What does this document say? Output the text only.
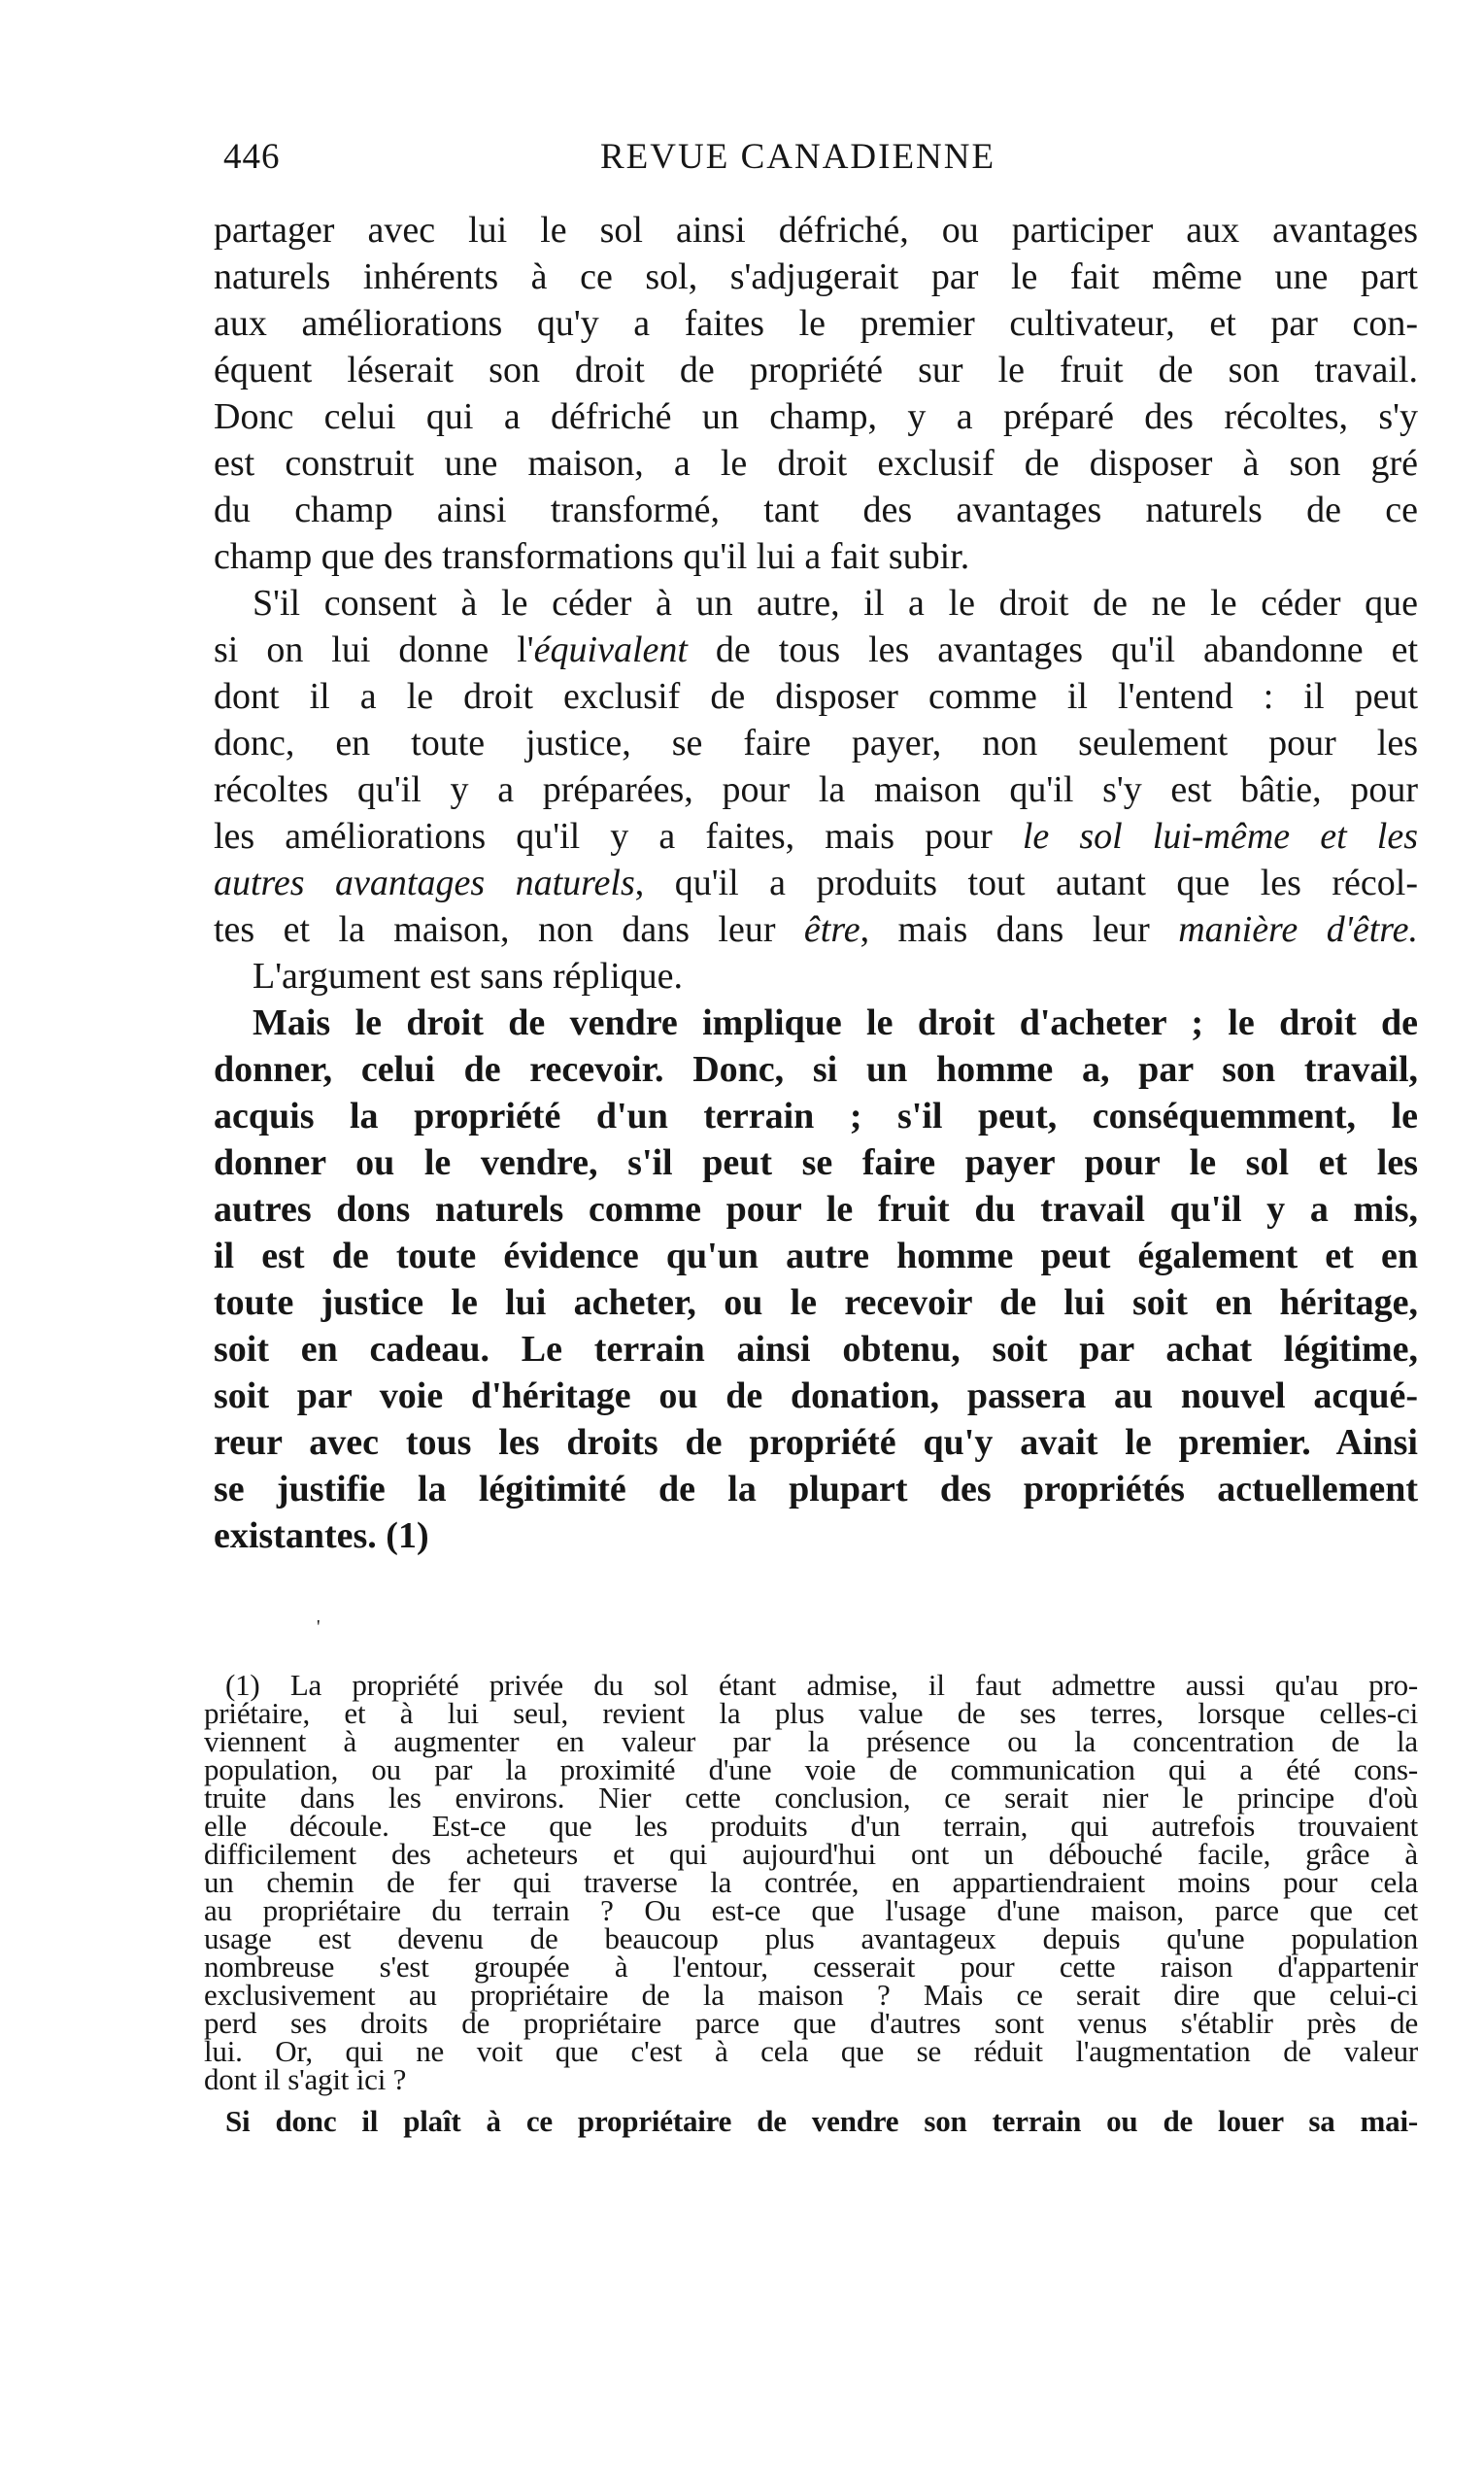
446	REVUE CANADIENNE
partager avec lui le sol ainsi défriché, ou participer aux avantages
naturels inhérents à ce sol, s'adjugerait par le fait même une part
aux améliorations qu'y a faites le premier cultivateur, et par con-
équent léserait son droit de propriété sur le fruit de son travail.
Donc celui qui a défriché un champ, y a préparé des récoltes, s'y
est construit une maison, a le droit exclusif de disposer à son gré
du champ ainsi transformé, tant des avantages naturels de ce
champ que des transformations qu'il lui a fait subir.
S'il consent à le céder à un autre, il a le droit de ne le céder que
si on lui donne l'équivalent de tous les avantages qu'il abandonne et
dont il a le droit exclusif de disposer comme il l'entend : il peut
donc, en toute justice, se faire payer, non seulement pour les
récoltes qu'il y a préparées, pour la maison qu'il s'y est bâtie, pour
les améliorations qu'il y a faites, mais pour le sol lui-même et les
autres avantages naturels, qu'il a produits tout autant que les récol-
tes et la maison, non dans leur être, mais dans leur manière d'être.
L'argument est sans réplique.
Mais le droit de vendre implique le droit d'acheter ; le droit de
donner, celui de recevoir. Donc, si un homme a, par son travail,
acquis la propriété d'un terrain ; s'il peut, conséquemment, le
donner ou le vendre, s'il peut se faire payer pour le sol et les
autres dons naturels comme pour le fruit du travail qu'il y a mis,
il est de toute évidence qu'un autre homme peut également et en
toute justice le lui acheter, ou le recevoir de lui soit en héritage,
soit en cadeau. Le terrain ainsi obtenu, soit par achat légitime,
soit par voie d'héritage ou de donation, passera au nouvel acqué-
reur avec tous les droits de propriété qu'y avait le premier. Ainsi
se justifie la légitimité de la plupart des propriétés actuellement
existantes. (1)
'
(1) La propriété privée du sol étant admise, il faut admettre aussi qu'au pro-
priétaire, et à lui seul, revient la plus value de ses terres, lorsque celles-ci
viennent à augmenter en valeur par la présence ou la concentration de la
population, ou par la proximité d'une voie de communication qui a été cons-
truite dans les environs. Nier cette conclusion, ce serait nier le principe d'où
elle découle. Est-ce que les produits d'un terrain, qui autrefois trouvaient
difficilement des acheteurs et qui aujourd'hui ont un débouché facile, grâce à
un chemin de fer qui traverse la contrée, en appartiendraient moins pour cela
au propriétaire du terrain ? Ou est-ce que l'usage d'une maison, parce que cet
usage est devenu de beaucoup plus avantageux depuis qu'une population
nombreuse s'est groupée à l'entour, cesserait pour cette raison d'appartenir
exclusivement au propriétaire de la maison ? Mais ce serait dire que celui-ci
perd ses droits de propriétaire parce que d'autres sont venus s'établir près de
lui. Or, qui ne voit que c'est à cela que se réduit l'augmentation de valeur
dont il s'agit ici ?
Si donc il plaît à ce propriétaire de vendre son terrain ou de louer sa mai-
